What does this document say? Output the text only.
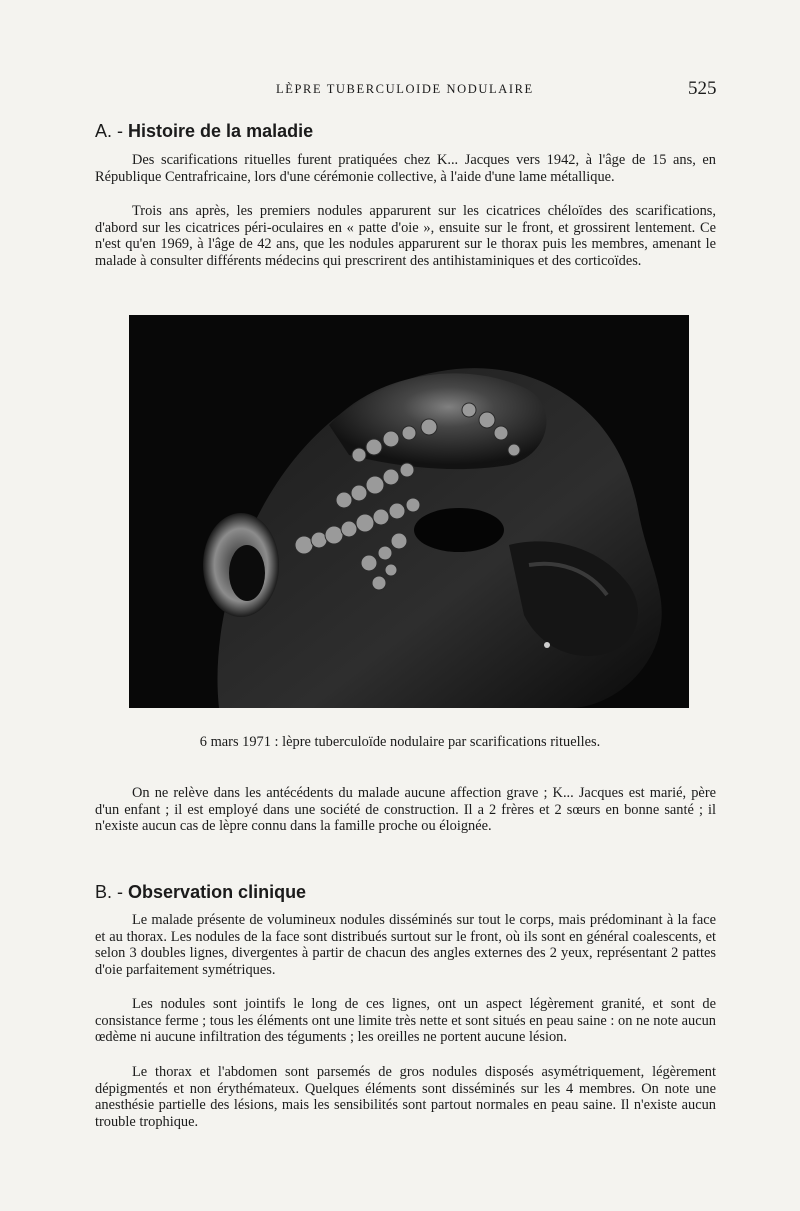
LÈPRE TUBERCULOIDE NODULAIRE	525
A. - Histoire de la maladie

Des scarifications rituelles furent pratiquées chez K... Jacques vers 1942, à l'âge de 15 ans, en République Centrafricaine, lors d'une cérémonie collective, à l'aide d'une lame métallique.

Trois ans après, les premiers nodules apparurent sur les cicatrices chéloïdes des scarifications, d'abord sur les cicatrices péri-oculaires en « patte d'oie », ensuite sur le front, et grossirent lentement. Ce n'est qu'en 1969, à l'âge de 42 ans, que les nodules apparurent sur le thorax puis les membres, amenant le malade à consulter différents médecins qui prescrirent des antihistaminiques et des corticoïdes.

6 mars 1971 : lèpre tuberculoïde nodulaire par scarifications rituelles.

On ne relève dans les antécédents du malade aucune affection grave ; K... Jacques est marié, père d'un enfant ; il est employé dans une société de construction. Il a 2 frères et 2 sœurs en bonne santé ; il n'existe aucun cas de lèpre connu dans la famille proche ou éloignée.

B. - Observation clinique

Le malade présente de volumineux nodules disséminés sur tout le corps, mais prédominant à la face et au thorax. Les nodules de la face sont distribués surtout sur le front, où ils sont en général coalescents, et selon 3 doubles lignes, divergentes à partir de chacun des angles externes des 2 yeux, représentant 2 pattes d'oie parfaitement symétriques.

Les nodules sont jointifs le long de ces lignes, ont un aspect légèrement granité, et sont de consistance ferme ; tous les éléments ont une limite très nette et sont situés en peau saine : on ne note aucun œdème ni aucune infiltration des téguments ; les oreilles ne portent aucune lésion.

Le thorax et l'abdomen sont parsemés de gros nodules disposés asymétriquement, légèrement dépigmentés et non érythémateux. Quelques éléments sont disséminés sur les 4 membres. On note une anesthésie partielle des lésions, mais les sensibilités sont partout normales en peau saine. Il n'existe aucun trouble trophique.
